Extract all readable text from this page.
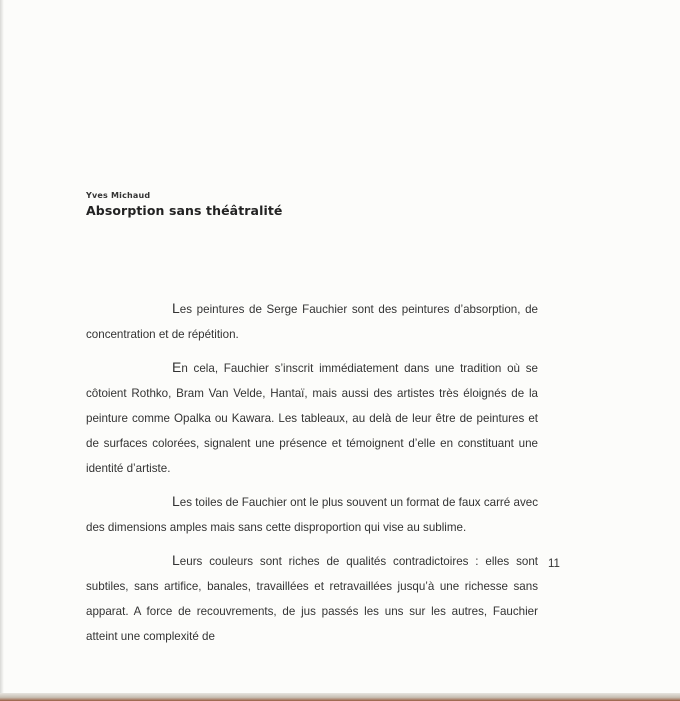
Yves Michaud
Absorption sans théâtralité

Les peintures de Serge Fauchier sont des peintures d’absorption, de concentration et de répétition.

En cela, Fauchier s’inscrit immédiatement dans une tradition où se côtoient Rothko, Bram Van Velde, Hantaï, mais aussi des artistes très éloignés de la peinture comme Opalka ou Kawara. Les tableaux, au delà de leur être de peintures et de surfaces colorées, signalent une présence et témoignent d’elle en constituant une identité d’artiste.

Les toiles de Fauchier ont le plus souvent un format de faux carré avec des dimensions amples mais sans cette disproportion qui vise au sublime.

Leurs couleurs sont riches de qualités contradictoires : elles sont subtiles, sans artifice, banales, travaillées et retravaillées jusqu’à une richesse sans apparat. A force de recouvrements, de jus passés les uns sur les autres, Fauchier atteint une complexité de

11
